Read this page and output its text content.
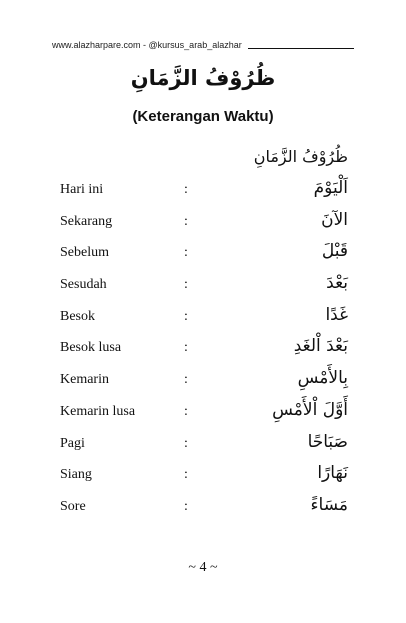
www.alazharpare.com - @kursus_arab_alazhar
ظُرُوْفُ الزَّمَانِ
(Keterangan Waktu)
ظُرُوْفُ الزَّمَانِ
Hari ini	:	اَلْيَوْمَ
Sekarang	:	الآنَ
Sebelum	:	قَبْلَ
Sesudah	:	بَعْدَ
Besok	:	غَدًا
Besok lusa	:	بَعْدَ اْلغَدِ
Kemarin	:	بِالأَمْسِ
Kemarin lusa	:	أَوَّلَ اْلأَمْسِ
Pagi	:	صَبَاحًا
Siang	:	نَهَارًا
Sore	:	مَسَاءً
~ 4 ~
